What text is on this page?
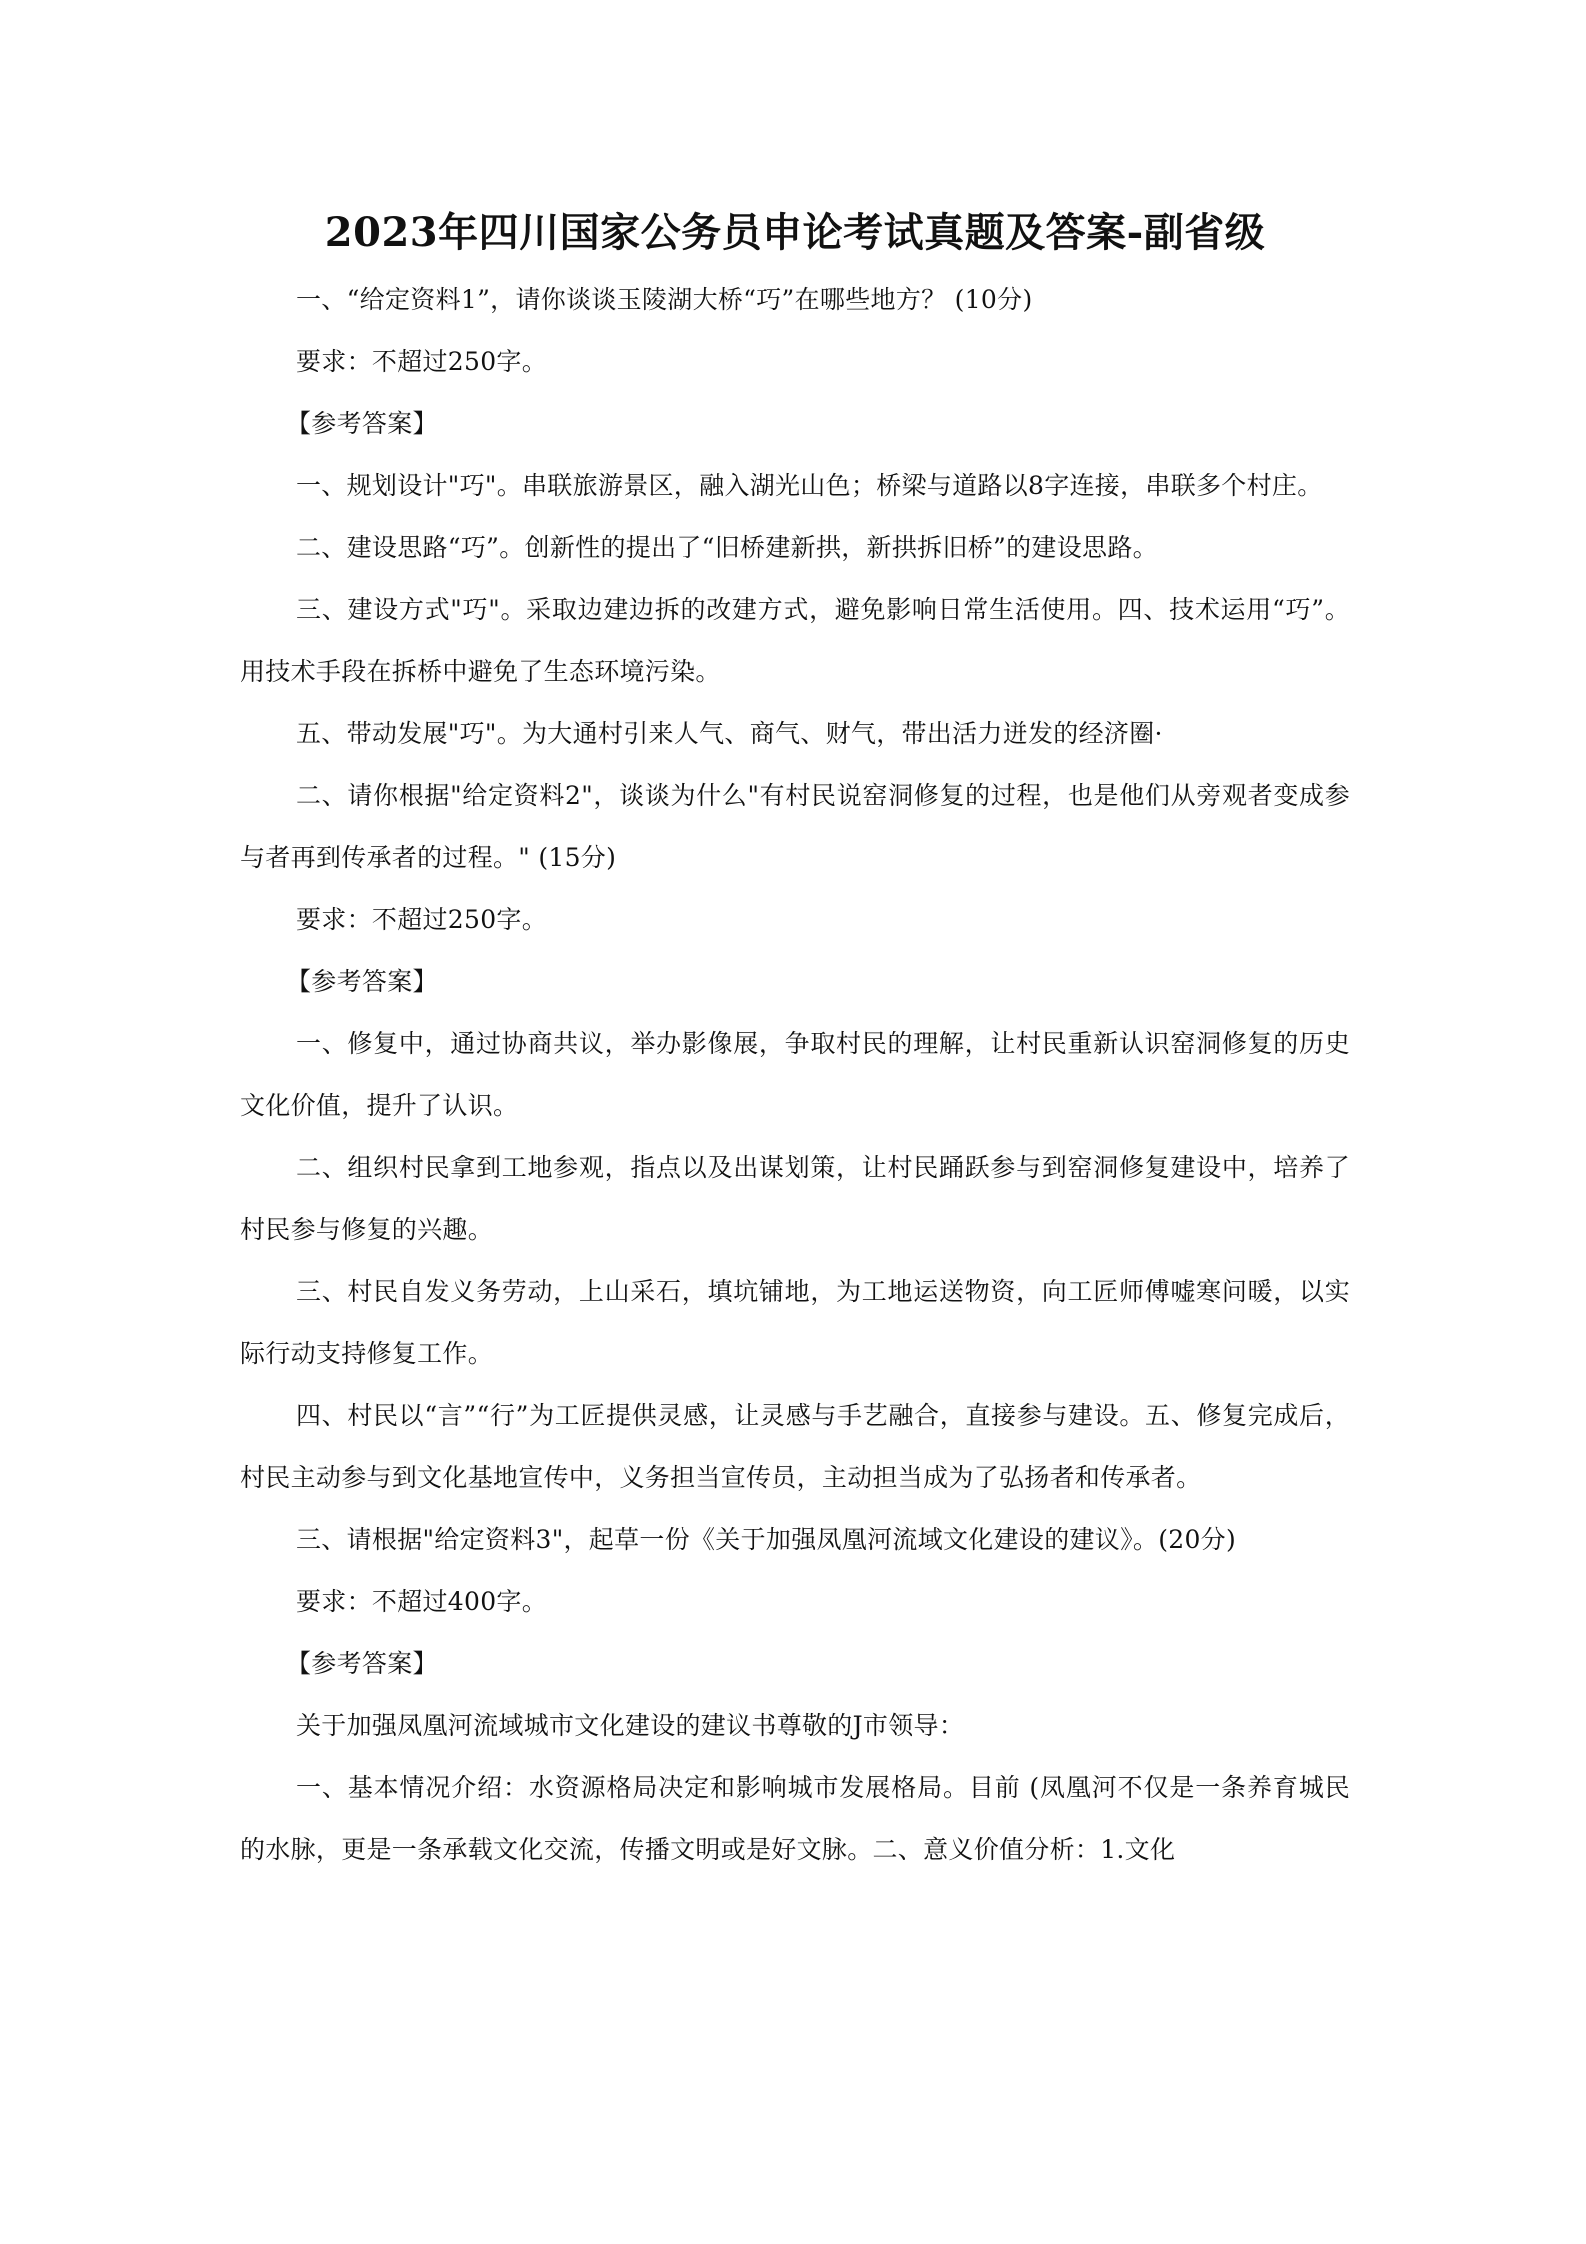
2023年四川国家公务员申论考试真题及答案-副省级

一、“给定资料1”，请你谈谈玉陵湖大桥“巧”在哪些地方？ (10分)

要求：不超过250字。

【参考答案】

一、规划设计"巧"。串联旅游景区，融入湖光山色；桥梁与道路以8字连接，串联多个村庄。

二、建设思路“巧”。创新性的提出了“旧桥建新拱，新拱拆旧桥”的建设思路。

三、建设方式"巧"。采取边建边拆的改建方式，避免影响日常生活使用。四、技术运用“巧”。用技术手段在拆桥中避免了生态环境污染。

五、带动发展"巧"。为大通村引来人气、商气、财气，带出活力迸发的经济圈·

二、请你根据"给定资料2"，谈谈为什么"有村民说窑洞修复的过程，也是他们从旁观者变成参与者再到传承者的过程。" (15分)

要求：不超过250字。

【参考答案】

一、修复中，通过协商共议，举办影像展，争取村民的理解，让村民重新认识窑洞修复的历史文化价值，提升了认识。

二、组织村民拿到工地参观，指点以及出谋划策，让村民踊跃参与到窑洞修复建设中，培养了村民参与修复的兴趣。

三、村民自发义务劳动，上山采石，填坑铺地，为工地运送物资，向工匠师傅嘘寒问暖，以实际行动支持修复工作。

四、村民以“言”“行”为工匠提供灵感，让灵感与手艺融合，直接参与建设。五、修复完成后，村民主动参与到文化基地宣传中，义务担当宣传员，主动担当成为了弘扬者和传承者。

三、请根据"给定资料3"，起草一份《关于加强凤凰河流域文化建设的建议》。(20分)

要求：不超过400字。

【参考答案】

关于加强凤凰河流域城市文化建设的建议书尊敬的J市领导：

一、基本情况介绍：水资源格局决定和影响城市发展格局。目前 (凤凰河不仅是一条养育城民的水脉，更是一条承载文化交流，传播文明或是好文脉。二、意义价值分析：1.文化
